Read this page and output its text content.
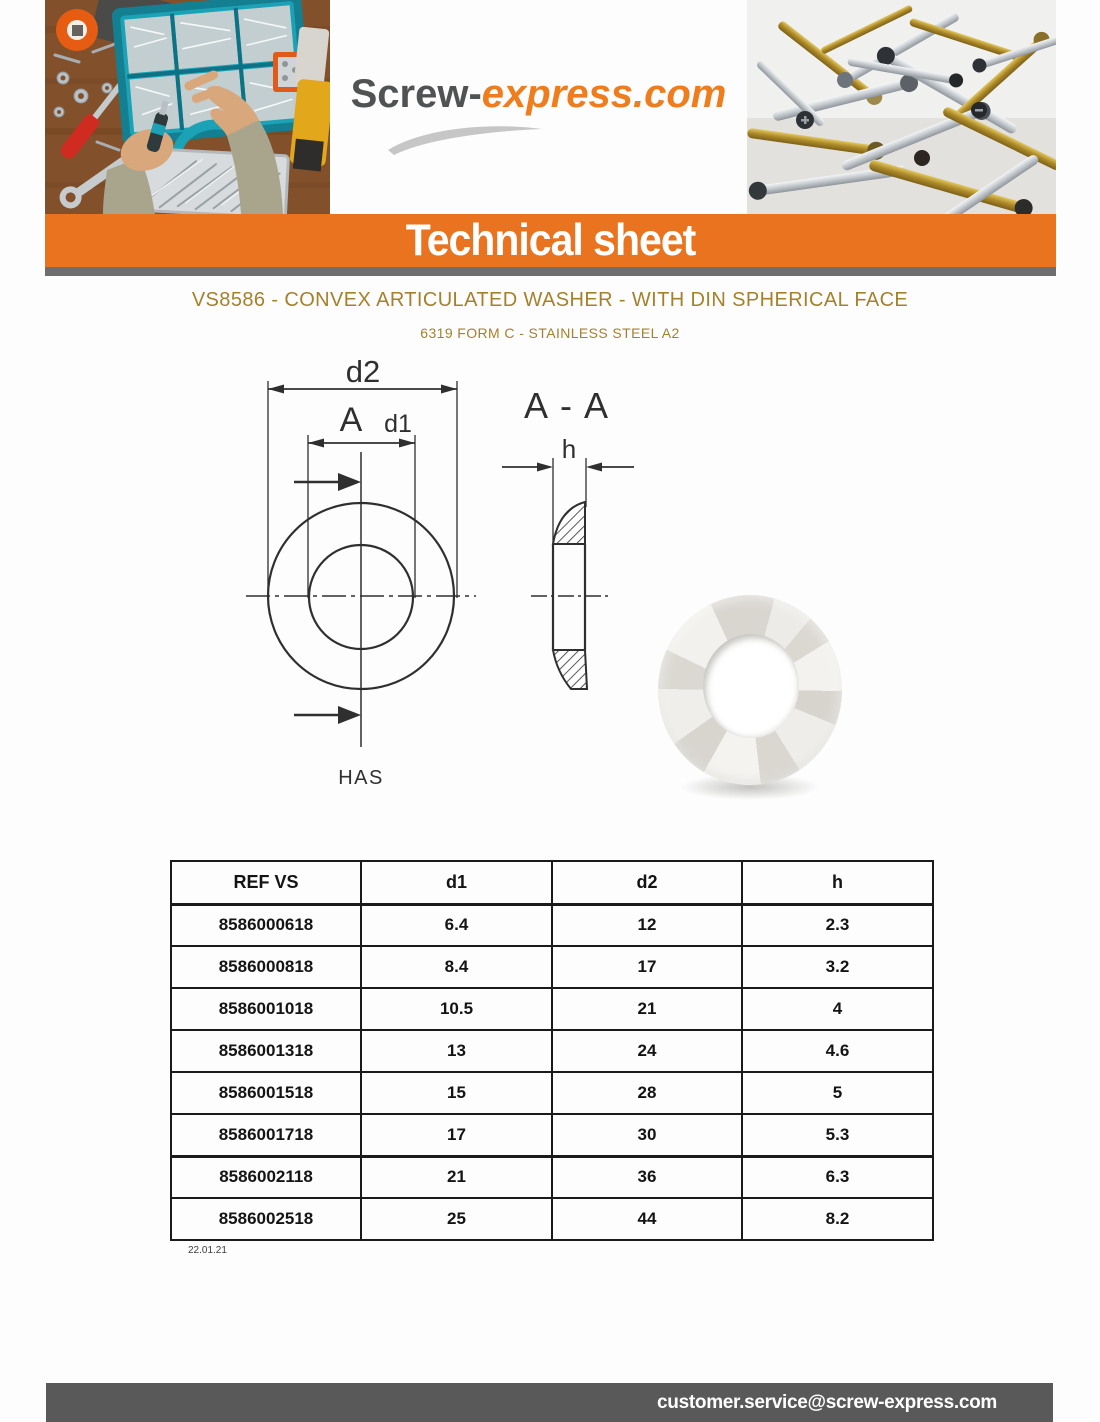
Screw-express.com
Technical sheet
VS8586 - CONVEX ARTICULATED WASHER - WITH DIN SPHERICAL FACE
6319 FORM C - STAINLESS STEEL A2
d2
A d1
HAS
A - A
h
REF VS	d1	d2	h
8586000618	6.4	12	2.3
8586000818	8.4	17	3.2
8586001018	10.5	21	4
8586001318	13	24	4.6
8586001518	15	28	5
8586001718	17	30	5.3
8586002118	21	36	6.3
8586002518	25	44	8.2
22.01.21
customer.service@screw-express.com
